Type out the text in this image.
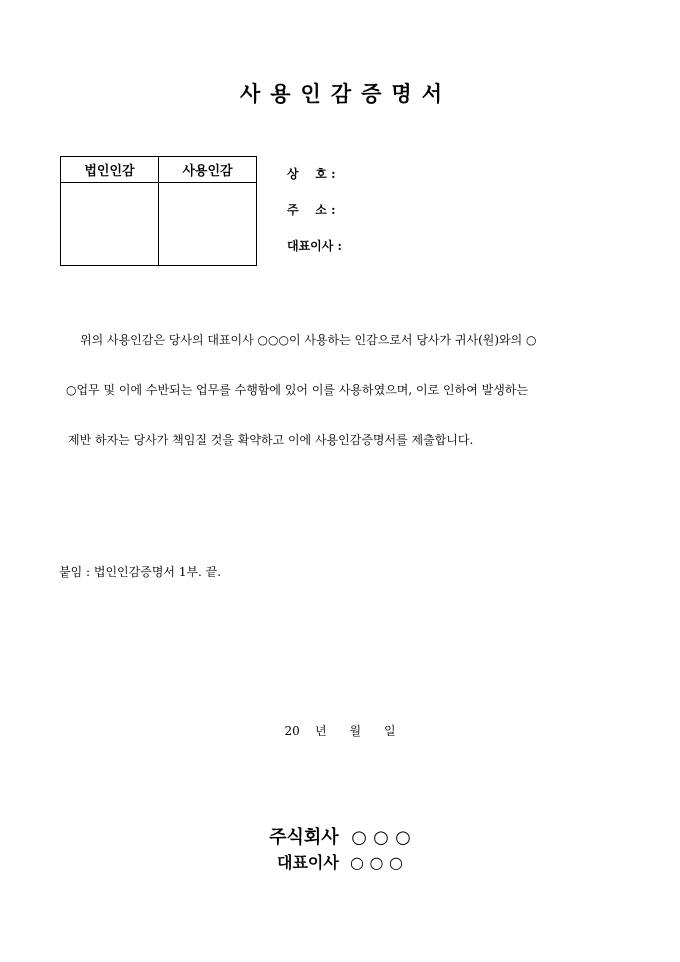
사용인감증명서
법인인감	사용인감
		상    호 :
주    소 :
대표이사 :
위의 사용인감은 당사의 대표이사 ○○○이 사용하는 인감으로서 당사가 귀사(원)와의 ○
○업무 및 이에 수반되는 업무를 수행함에 있어 이를 사용하였으며, 이로 인하여 발생하는
제반 하자는 당사가 책임질 것을 확약하고 이에 사용인감증명서를 제출합니다.
붙임 : 법인인감증명서 1부. 끝.
20    년      월      일
주식회사  ○ ○ ○
대표이사  ○ ○ ○
